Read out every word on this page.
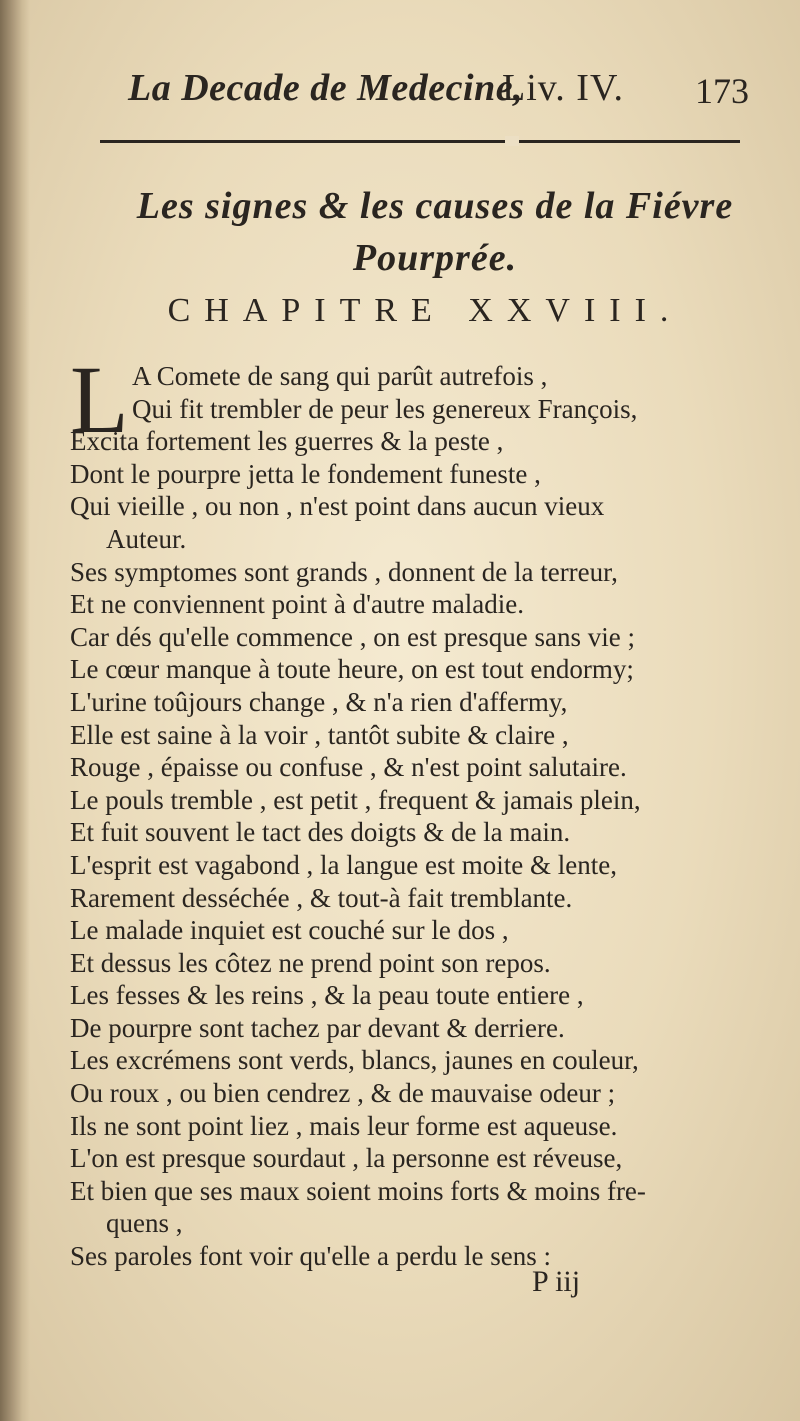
La Decade de Medecine,
Liv. IV. 173
Les signes & les causes de la Fiévre
Pourprée.
CHAPITRE XXVIII.
L A Comete de sang qui parût autrefois ,
Qui fit trembler de peur les genereux François,
Excita fortement les guerres & la peste ,
Dont le pourpre jetta le fondement funeste ,
Qui vieille , ou non , n'est point dans aucun vieux
Auteur.
Ses symptomes sont grands , donnent de la terreur,
Et ne conviennent point à d'autre maladie.
Car dés qu'elle commence , on est presque sans vie ;
Le cœur manque à toute heure, on est tout endormy;
L'urine toûjours change , & n'a rien d'affermy,
Elle est saine à la voir , tantôt subite & claire ,
Rouge , épaisse ou confuse , & n'est point salutaire.
Le pouls tremble , est petit , frequent & jamais plein,
Et fuit souvent le tact des doigts & de la main.
L'esprit est vagabond , la langue est moite & lente,
Rarement desséchée , & tout-à fait tremblante.
Le malade inquiet est couché sur le dos ,
Et dessus les côtez ne prend point son repos.
Les fesses & les reins , & la peau toute entiere ,
De pourpre sont tachez par devant & derriere.
Les excrémens sont verds, blancs, jaunes en couleur,
Ou roux , ou bien cendrez , & de mauvaise odeur ;
Ils ne sont point liez , mais leur forme est aqueuse.
L'on est presque sourdaut , la personne est réveuse,
Et bien que ses maux soient moins forts & moins fre-
quens ,
Ses paroles font voir qu'elle a perdu le sens :
P iij
